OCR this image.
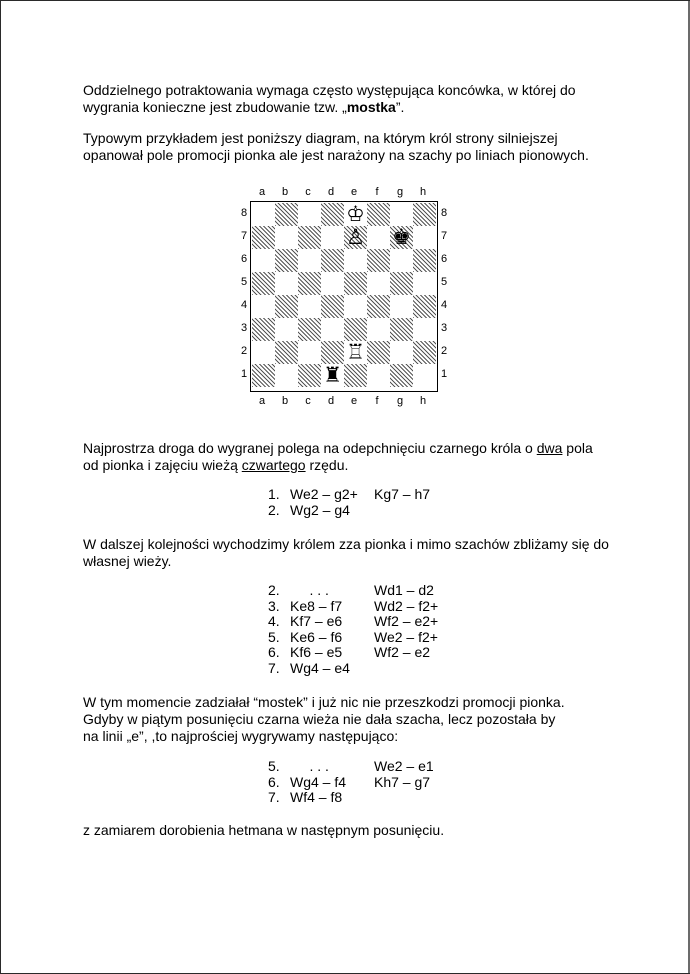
Oddzielnego potraktowania wymaga często występująca koncówka, w której do
wygrania konieczne jest zbudowanie tzw. „mostka”.
Typowym przykładem jest poniższy diagram, na którym król strony silniejszej
opanował pole promocji pionka ale jest narażony na szachy po liniach pionowych.
♔
♙ ♚
♖
♜
a
a
b
b
c
c
d
d
e
e
f
f
g
g
h
h
8	8
7	7
6	6
5	5
4	4
3	3
2	2
1	1
Najprostrza droga do wygranej polega na odepchnięciu czarnego króla o dwa pola
od pionka i zajęciu wieżą czwartego rzędu.
1.	We2 – g2+	Kg7 – h7
2.	Wg2 – g4	
W dalszej kolejności wychodzimy królem zza pionka i mimo szachów zbliżamy się do
własnej wieży.
2.	. . .	Wd1 – d2
3.	Ke8 – f7	Wd2 – f2+
4.	Kf7 – e6	Wf2 – e2+
5.	Ke6 – f6	We2 – f2+
6.	Kf6 – e5	Wf2 – e2
7.	Wg4 – e4	
W tym momencie zadziałał “mostek” i już nic nie przeszkodzi promocji pionka.
Gdyby w piątym posunięciu czarna wieża nie dała szacha, lecz pozostała by
na linii „e”, ,to najprościej wygrywamy następująco:
5.	. . .	We2 – e1
6.	Wg4 – f4	Kh7 – g7
7.	Wf4 – f8	
z zamiarem dorobienia hetmana w następnym posunięciu.
